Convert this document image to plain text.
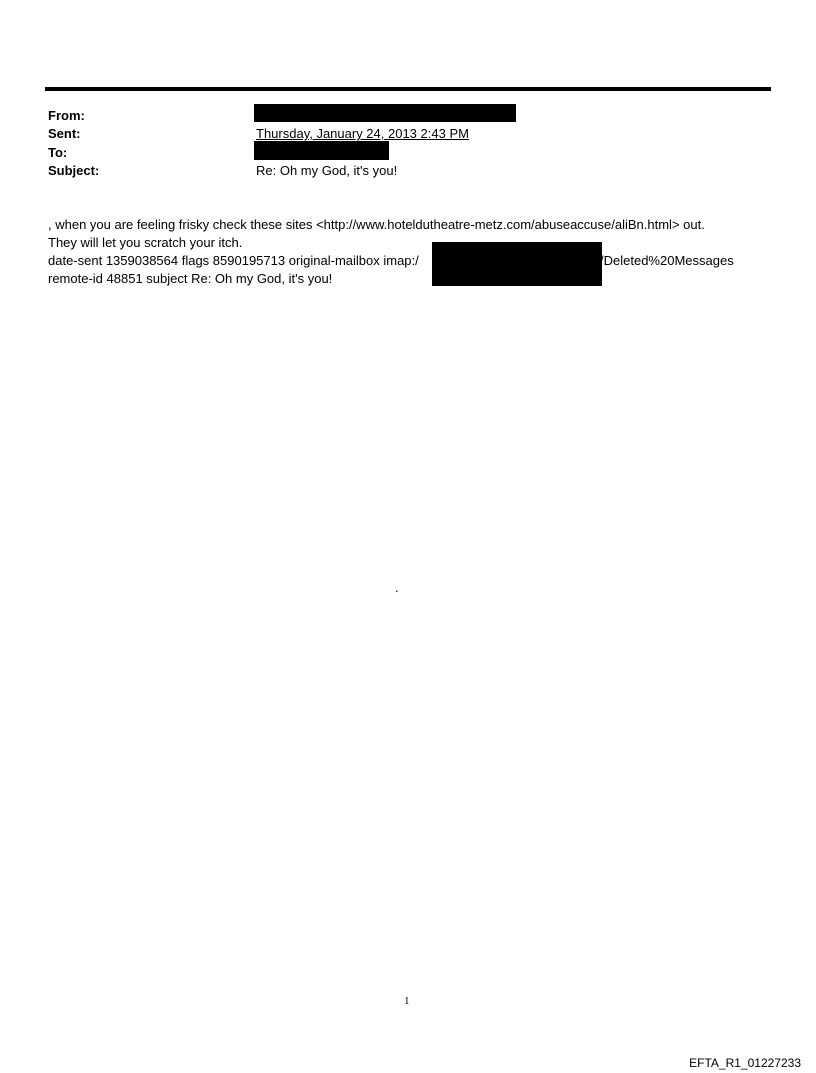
From:
Sent:	Thursday, January 24, 2013 2:43 PM
To:
Subject:	Re: Oh my God, it's you!
, when you are feeling frisky check these sites <http://www.hoteldutheatre-metz.com/abuseaccuse/aliBn.html> out.
They will let you scratch your itch.
date-sent 1359038564 flags 8590195713 original-mailbox imap:/	/Deleted%20Messages
remote-id 48851 subject Re: Oh my God, it's you!
.
1
EFTA_R1_01227233
